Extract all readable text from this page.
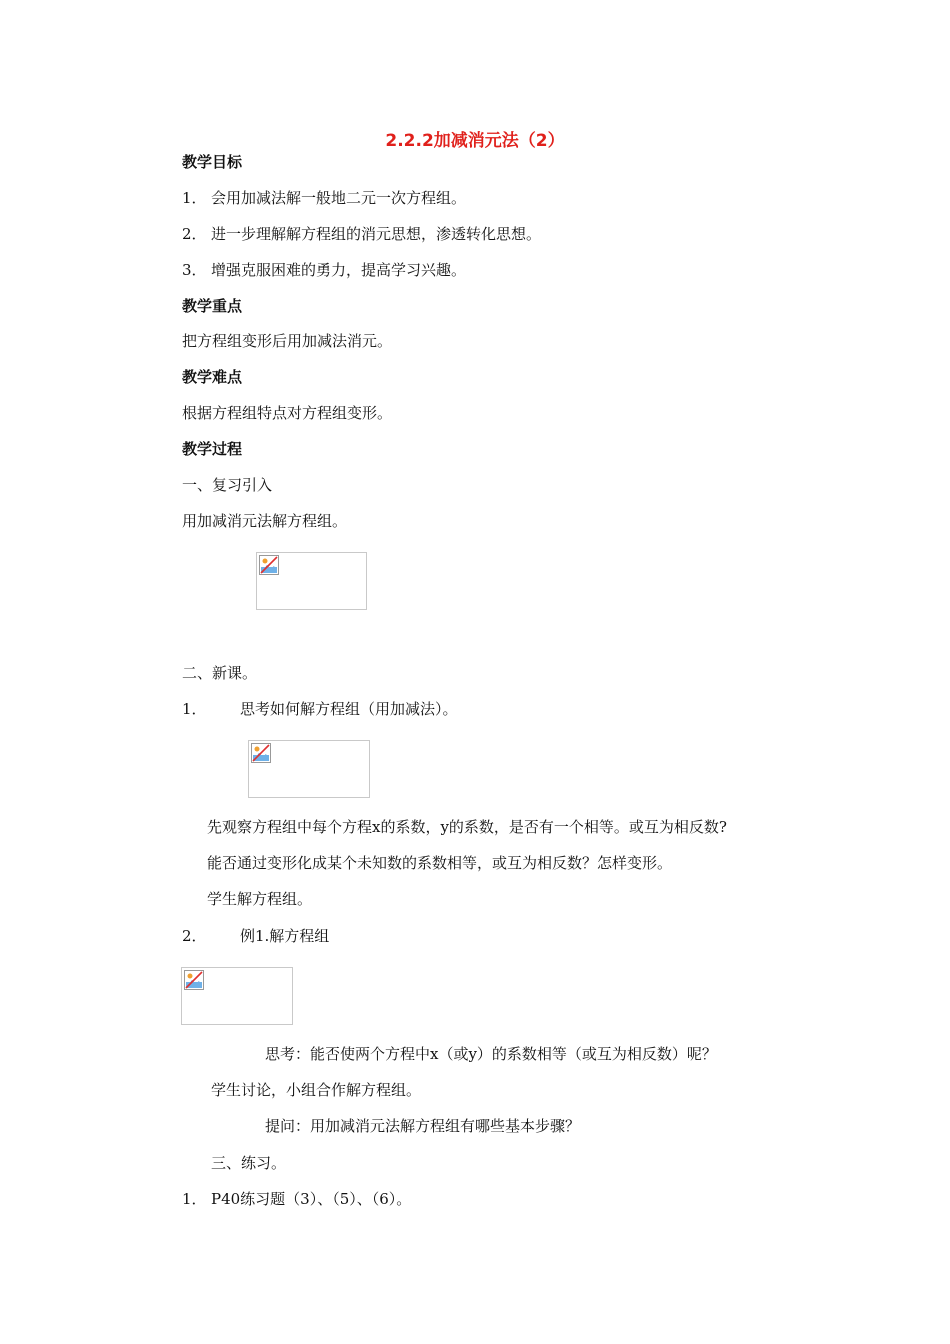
2.2.2加减消元法（2）
教学目标
1． 会用加减法解一般地二元一次方程组。
2． 进一步理解解方程组的消元思想，渗透转化思想。
3． 增强克服困难的勇力，提高学习兴趣。
教学重点
把方程组变形后用加减法消元。
教学难点
根据方程组特点对方程组变形。
教学过程
一、复习引入
用加减消元法解方程组。
二、新课。
1． 思考如何解方程组（用加减法）。
先观察方程组中每个方程x的系数，y的系数，是否有一个相等。或互为相反数?
能否通过变形化成某个未知数的系数相等，或互为相反数？怎样变形。
学生解方程组。
2． 例1.解方程组
思考：能否使两个方程中x（或y）的系数相等（或互为相反数）呢？
学生讨论，小组合作解方程组。
提问：用加减消元法解方程组有哪些基本步骤？
三、练习。
1． P40练习题（3）、（5）、（6）。
